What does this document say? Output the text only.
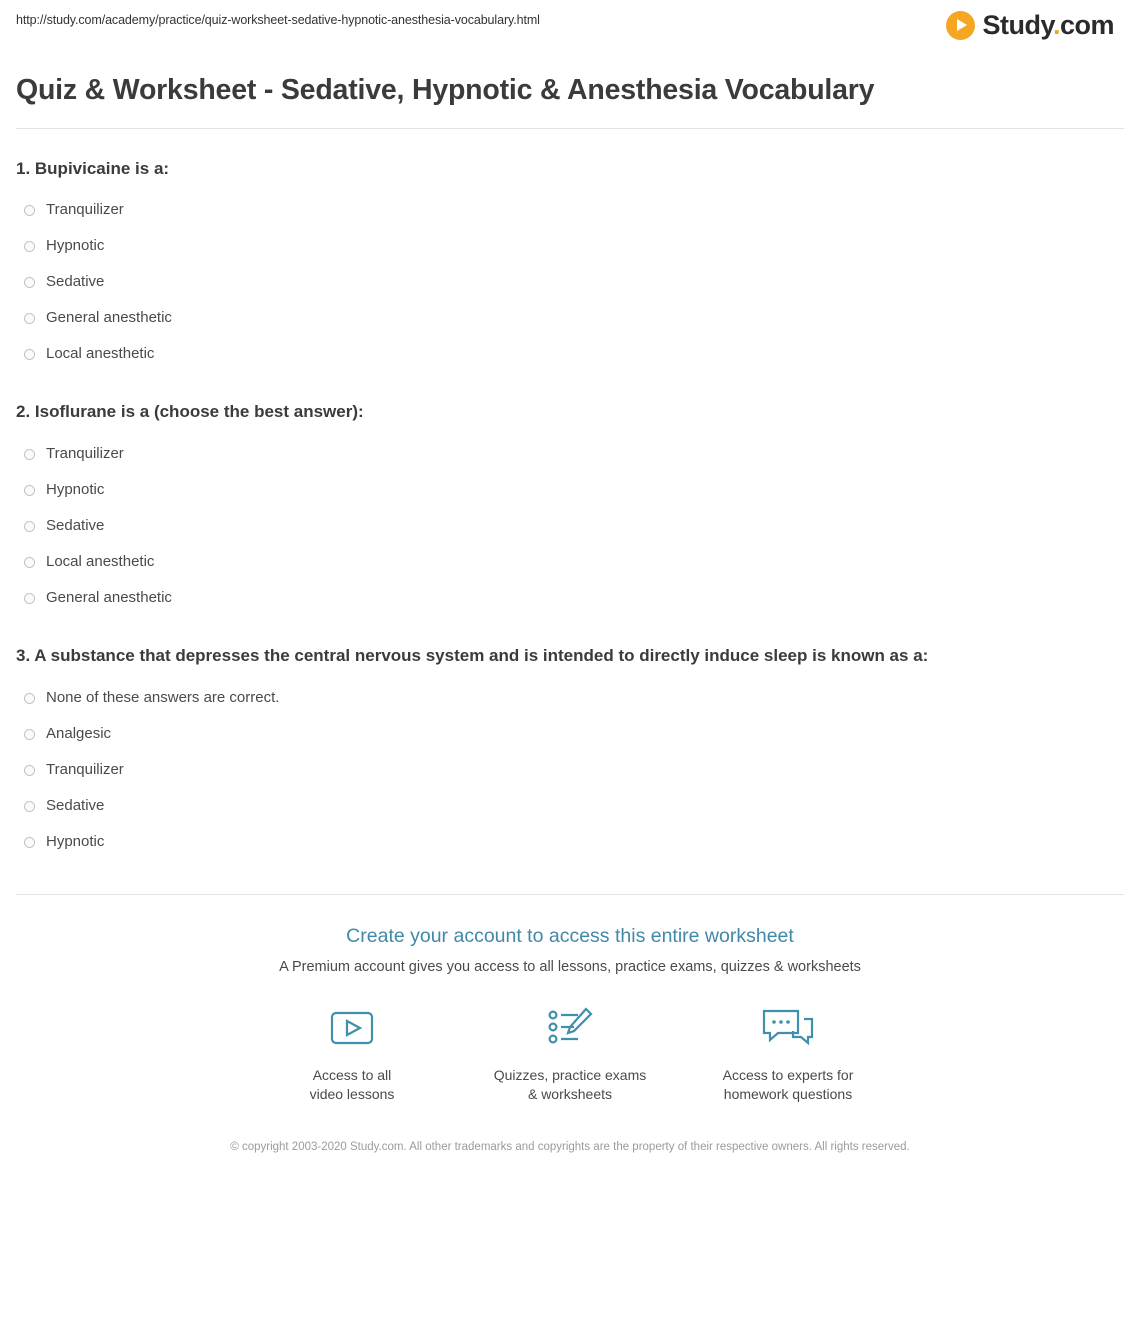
http://study.com/academy/practice/quiz-worksheet-sedative-hypnotic-anesthesia-vocabulary.html	Study.com
Quiz & Worksheet - Sedative, Hypnotic & Anesthesia Vocabulary
1. Bupivicaine is a:
Tranquilizer
Hypnotic
Sedative
General anesthetic
Local anesthetic
2. Isoflurane is a (choose the best answer):
Tranquilizer
Hypnotic
Sedative
Local anesthetic
General anesthetic
3. A substance that depresses the central nervous system and is intended to directly induce sleep is known as a:
None of these answers are correct.
Analgesic
Tranquilizer
Sedative
Hypnotic
Create your account to access this entire worksheet
A Premium account gives you access to all lessons, practice exams, quizzes & worksheets
Access to all
video lessons
Quizzes, practice exams
& worksheets
Access to experts for
homework questions
© copyright 2003-2020 Study.com. All other trademarks and copyrights are the property of their respective owners. All rights reserved.
